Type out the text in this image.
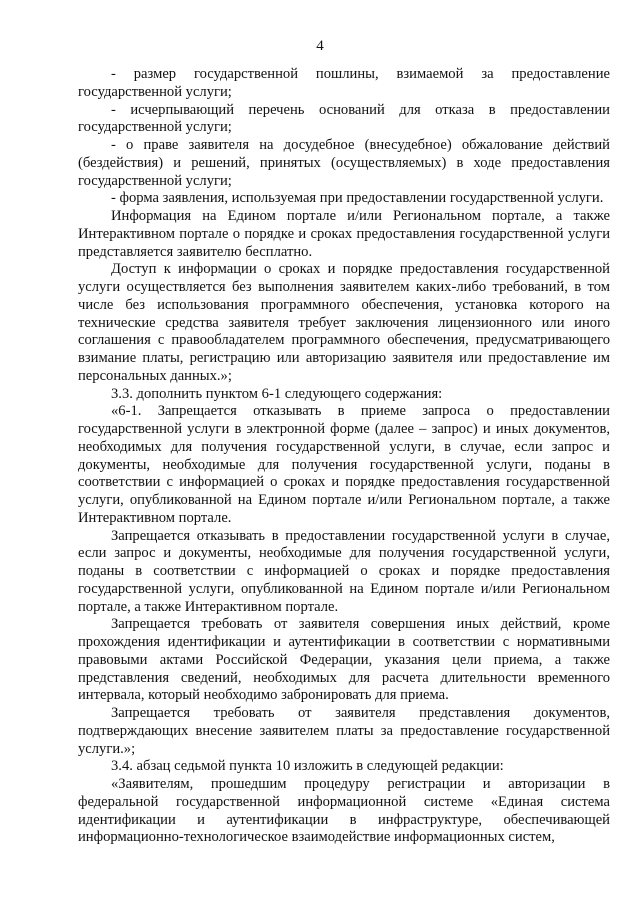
4

- размер государственной пошлины, взимаемой за предоставление государственной услуги;

- исчерпывающий перечень оснований для отказа в предоставлении государственной услуги;

- о праве заявителя на досудебное (внесудебное) обжалование действий (бездействия) и решений, принятых (осуществляемых) в ходе предоставления государственной услуги;

- форма заявления, используемая при предоставлении государственной услуги.

Информация на Едином портале и/или Региональном портале, а также Интерактивном портале о порядке и сроках предоставления государственной услуги представляется заявителю бесплатно.

Доступ к информации о сроках и порядке предоставления государственной услуги осуществляется без выполнения заявителем каких-либо требований, в том числе без использования программного обеспечения, установка которого на технические средства заявителя требует заключения лицензионного или иного соглашения с правообладателем программного обеспечения, предусматривающего взимание платы, регистрацию или авторизацию заявителя или предоставление им персональных данных.»;

3.3. дополнить пунктом 6-1 следующего содержания:

«6-1. Запрещается отказывать в приеме запроса о предоставлении государственной услуги в электронной форме (далее – запрос) и иных документов, необходимых для получения государственной услуги, в случае, если запрос и документы, необходимые для получения государственной услуги, поданы в соответствии с информацией о сроках и порядке предоставления государственной услуги, опубликованной на Едином портале и/или Региональном портале, а также Интерактивном портале.

Запрещается отказывать в предоставлении государственной услуги в случае, если запрос и документы, необходимые для получения государственной услуги, поданы в соответствии с информацией о сроках и порядке предоставления государственной услуги, опубликованной на Едином портале и/или Региональном портале, а также Интерактивном портале.

Запрещается требовать от заявителя совершения иных действий, кроме прохождения идентификации и аутентификации в соответствии с нормативными правовыми актами Российской Федерации, указания цели приема, а также представления сведений, необходимых для расчета длительности временного интервала, который необходимо забронировать для приема.

Запрещается требовать от заявителя представления документов, подтверждающих внесение заявителем платы за предоставление государственной услуги.»;

3.4. абзац седьмой пункта 10 изложить в следующей редакции:

«Заявителям, прошедшим процедуру регистрации и авторизации в федеральной государственной информационной системе «Единая система идентификации и аутентификации в инфраструктуре, обеспечивающей информационно-технологическое взаимодействие информационных систем,
